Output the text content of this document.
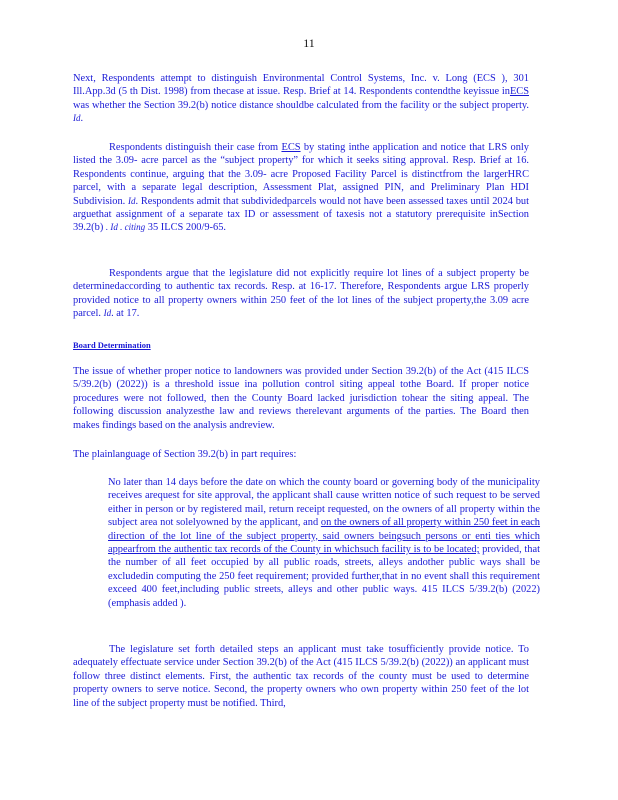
11
Next, Respondents attempt to distinguish Environmental Control Systems, Inc. v. Long (ECS ), 301 Ill.App.3d (5 th Dist. 1998) from thecase at issue. Resp. Brief at 14. Respondents contendthe keyissue inECS was whether the Section 39.2(b) notice distance shouldbe calculated from the facility or the subject property. Id.
Respondents distinguish their case from ECS by stating inthe application and notice that LRS only listed the 3.09- acre parcel as the “subject property” for which it seeks siting approval. Resp. Brief at 16. Respondents continue, arguing that the 3.09- acre Proposed Facility Parcel is distinctfrom the largerHRC parcel, with a separate legal description, Assessment Plat, assigned PIN, and Preliminary Plan HDI Subdivision. Id. Respondents admit that subdividedparcels would not have been assessed taxes until 2024 but arguethat assignment of a separate tax ID or assessment of taxesis not a statutory prerequisite inSection 39.2(b) . Id . citing 35 ILCS 200/9-65.
Respondents argue that the legislature did not explicitly require lot lines of a subject property be determinedaccording to authentic tax records. Resp. at 16-17. Therefore, Respondents argue LRS properly provided notice to all property owners within 250 feet of the lot lines of the subject property,the 3.09 acre parcel. Id. at 17.
Board Determination
The issue of whether proper notice to landowners was provided under Section 39.2(b) of the Act (415 ILCS 5/39.2(b) (2022)) is a threshold issue ina pollution control siting appeal tothe Board. If proper notice procedures were not followed, then the County Board lacked jurisdiction tohear the siting appeal. The following discussion analyzesthe law and reviews therelevant arguments of the parties. The Board then makes findings based on the analysis andreview.
The plainlanguage of Section 39.2(b) in part requires:
No later than 14 days before the date on which the county board or governing body of the municipality receives arequest for site approval, the applicant shall cause written notice of such request to be served either in person or by registered mail, return receipt requested, on the owners of all property within the subject area not solelyowned by the applicant, and on the owners of all property within 250 feet in each direction of the lot line of the subject property, said owners beingsuch persons or enti ties which appearfrom the authentic tax records of the County in whichsuch facility is to be located; provided, that the number of all feet occupied by all public roads, streets, alleys andother public ways shall be excludedin computing the 250 feet requirement; provided further,that in no event shall this requirement exceed 400 feet,including public streets, alleys and other public ways. 415 ILCS 5/39.2(b) (2022) (emphasis added ).
The legislature set forth detailed steps an applicant must take tosufficiently provide notice. To adequately effectuate service under Section 39.2(b) of the Act (415 ILCS 5/39.2(b) (2022)) an applicant must follow three distinct elements. First, the authentic tax records of the county must be used to determine property owners to serve notice. Second, the property owners who own property within 250 feet of the lot line of the subject property must be notified. Third,
